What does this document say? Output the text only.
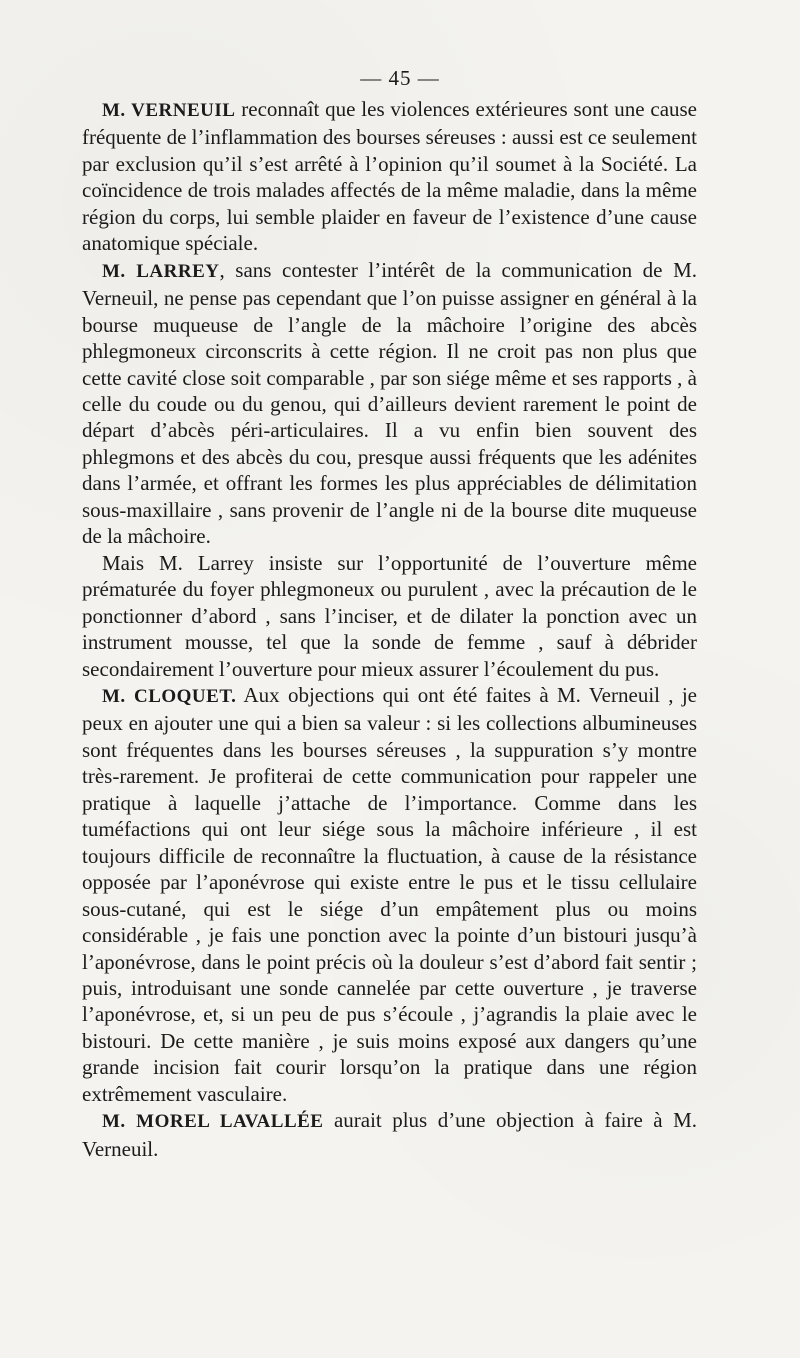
— 45 —

M. VERNEUIL reconnaît que les violences extérieures sont une cause fréquente de l’inflammation des bourses séreuses : aussi est ce seulement par exclusion qu’il s’est arrêté à l’opinion qu’il soumet à la Société. La coïncidence de trois malades affectés de la même maladie, dans la même région du corps, lui semble plaider en faveur de l’existence d’une cause anatomique spéciale.

M. LARREY, sans contester l’intérêt de la communication de M. Verneuil, ne pense pas cependant que l’on puisse assigner en général à la bourse muqueuse de l’angle de la mâchoire l’origine des abcès phlegmoneux circonscrits à cette région. Il ne croit pas non plus que cette cavité close soit comparable , par son siége même et ses rapports , à celle du coude ou du genou, qui d’ailleurs devient rarement le point de départ d’abcès péri-articulaires. Il a vu enfin bien souvent des phlegmons et des abcès du cou, presque aussi fréquents que les adénites dans l’armée, et offrant les formes les plus appréciables de délimitation sous-maxillaire , sans provenir de l’angle ni de la bourse dite muqueuse de la mâchoire.

Mais M. Larrey insiste sur l’opportunité de l’ouverture même prématurée du foyer phlegmoneux ou purulent , avec la précaution de le ponctionner d’abord , sans l’inciser, et de dilater la ponction avec un instrument mousse, tel que la sonde de femme , sauf à débrider secondairement l’ouverture pour mieux assurer l’écoulement du pus.

M. CLOQUET. Aux objections qui ont été faites à M. Verneuil , je peux en ajouter une qui a bien sa valeur : si les collections albumineuses sont fréquentes dans les bourses séreuses , la suppuration s’y montre très-rarement. Je profiterai de cette communication pour rappeler une pratique à laquelle j’attache de l’importance. Comme dans les tuméfactions qui ont leur siége sous la mâchoire inférieure , il est toujours difficile de reconnaître la fluctuation, à cause de la résistance opposée par l’aponévrose qui existe entre le pus et le tissu cellulaire sous-cutané, qui est le siége d’un empâtement plus ou moins considérable , je fais une ponction avec la pointe d’un bistouri jusqu’à l’aponévrose, dans le point précis où la douleur s’est d’abord fait sentir ; puis, introduisant une sonde cannelée par cette ouverture , je traverse l’aponévrose, et, si un peu de pus s’écoule , j’agrandis la plaie avec le bistouri. De cette manière , je suis moins exposé aux dangers qu’une grande incision fait courir lorsqu’on la pratique dans une région extrêmement vasculaire.

M. MOREL LAVALLÉE aurait plus d’une objection à faire à M. Verneuil.
